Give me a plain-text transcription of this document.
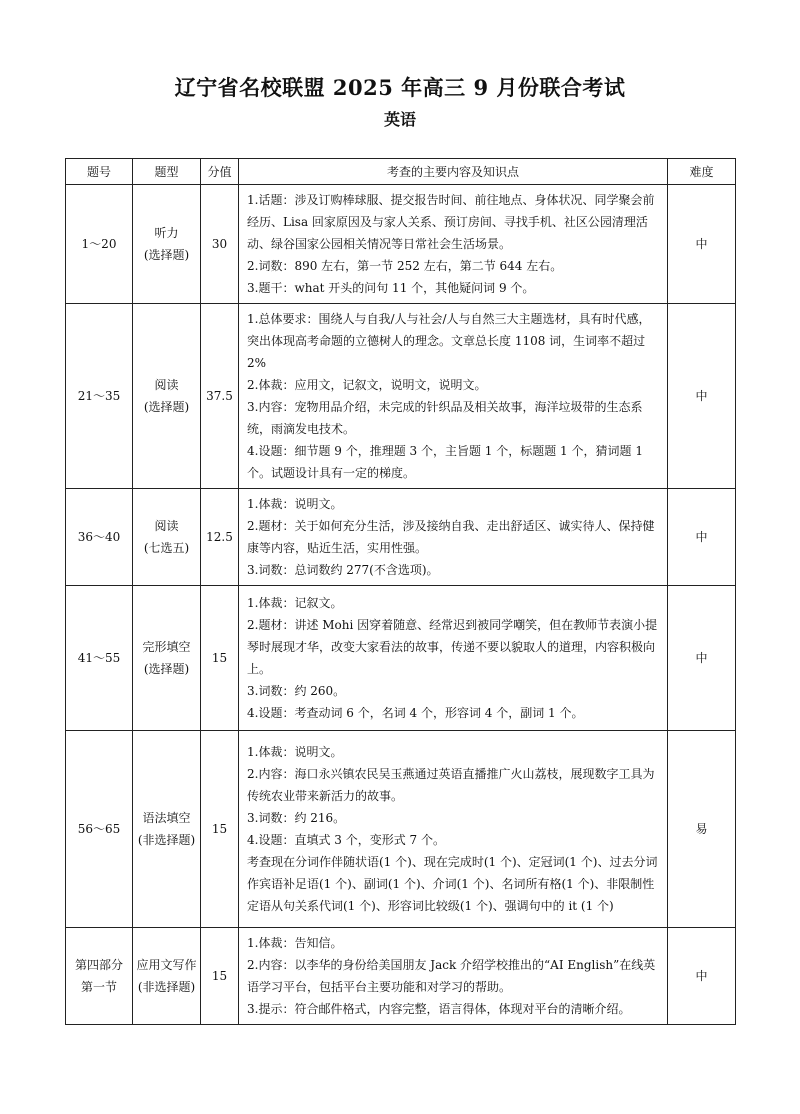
辽宁省名校联盟 2025 年高三 9 月份联合考试
英语
题号	题型	分值	考查的主要内容及知识点	难度

1～20	听力
(选择题)	30	1.话题：涉及订购棒球服、提交报告时间、前往地点、身体状况、同学聚会前经历、Lisa 回家原因及与家人关系、预订房间、寻找手机、社区公园清理活动、绿谷国家公园相关情况等日常社会生活场景。
2.词数：890 左右，第一节 252 左右，第二节 644 左右。
3.题干：what 开头的问句 11 个，其他疑问词 9 个。	中

21～35	阅读
(选择题)	37.5	1.总体要求：围绕人与自我/人与社会/人与自然三大主题选材，具有时代感，突出体现高考命题的立德树人的理念。文章总长度 1108 词，生词率不超过 2%
2.体裁：应用文，记叙文，说明文，说明文。
3.内容：宠物用品介绍，未完成的针织品及相关故事，海洋垃圾带的生态系统，雨滴发电技术。
4.设题：细节题 9 个，推理题 3 个，主旨题 1 个，标题题 1 个，猜词题 1 个。试题设计具有一定的梯度。	中

36～40	阅读
(七选五)	12.5	1.体裁：说明文。
2.题材：关于如何充分生活，涉及接纳自我、走出舒适区、诚实待人、保持健康等内容，贴近生活，实用性强。
3.词数：总词数约 277(不含选项)。	中

41～55	完形填空
(选择题)	15	1.体裁：记叙文。
2.题材：讲述 Mohi 因穿着随意、经常迟到被同学嘲笑，但在教师节表演小提琴时展现才华，改变大家看法的故事，传递不要以貌取人的道理，内容积极向上。
3.词数：约 260。
4.设题：考查动词 6 个，名词 4 个，形容词 4 个，副词 1 个。	中

56～65	语法填空
(非选择题)	15	1.体裁：说明文。
2.内容：海口永兴镇农民吴玉燕通过英语直播推广火山荔枝，展现数字工具为传统农业带来新活力的故事。
3.词数：约 216。
4.设题：直填式 3 个，变形式 7 个。
考查现在分词作伴随状语(1 个)、现在完成时(1 个)、定冠词(1 个)、过去分词作宾语补足语(1 个)、副词(1 个)、介词(1 个)、名词所有格(1 个)、非限制性定语从句关系代词(1 个)、形容词比较级(1 个)、强调句中的 it (1 个)	易

第四部分
第一节	应用文写作
(非选择题)	15	1.体裁：告知信。
2.内容：以李华的身份给美国朋友 Jack 介绍学校推出的“AI English”在线英语学习平台，包括平台主要功能和对学习的帮助。
3.提示：符合邮件格式，内容完整，语言得体，体现对平台的清晰介绍。	中
